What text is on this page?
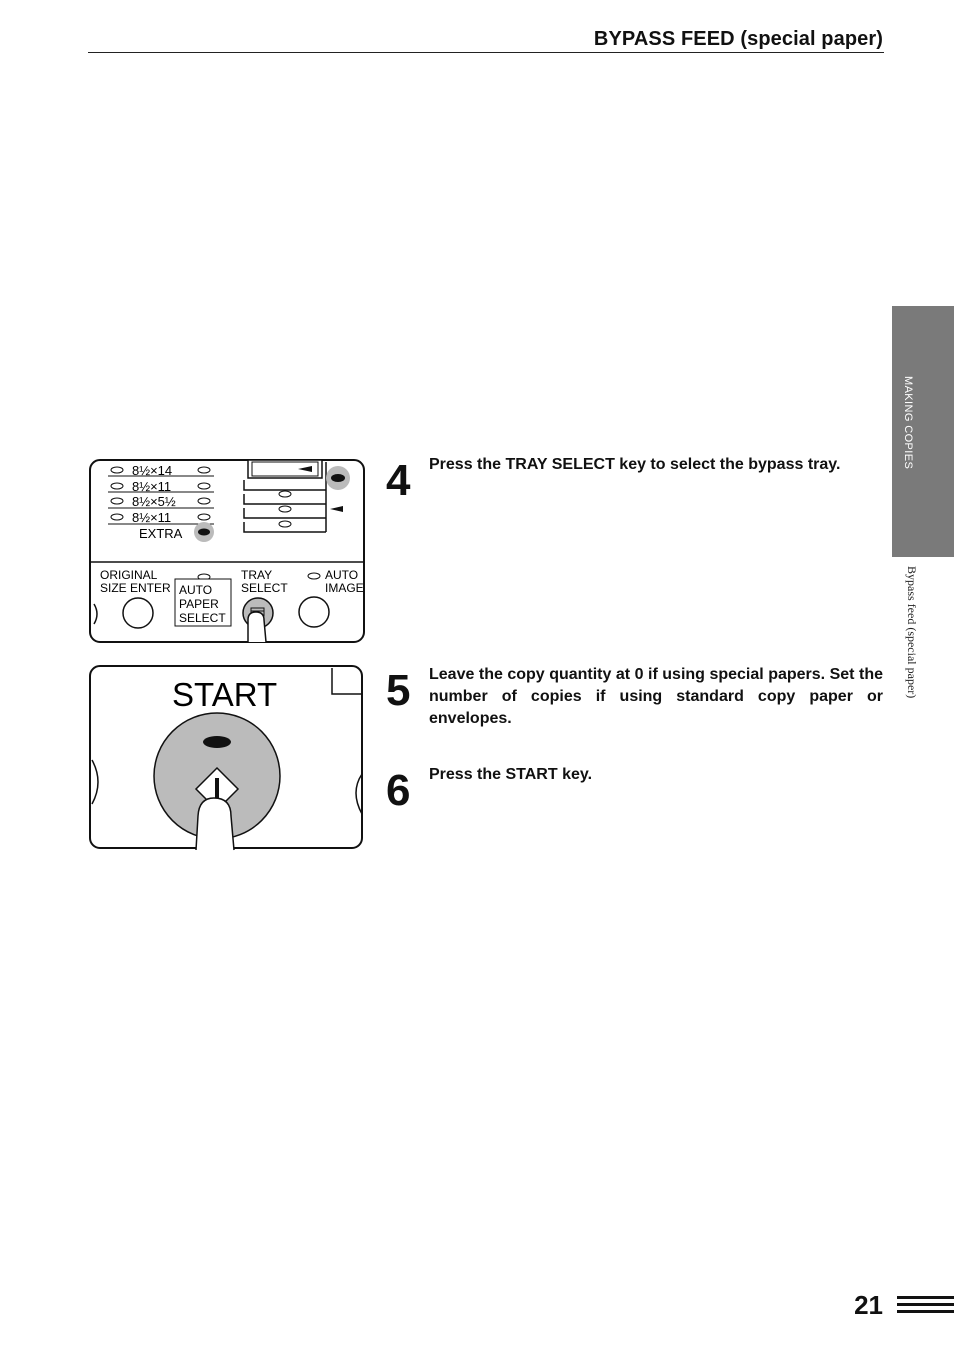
BYPASS FEED (special paper)
MAKING COPIES
Bypass feed (special paper)
8½×14
8½×11
8½×5½
8½×11
EXTRA
ORIGINAL
SIZE ENTER AUTO
PAPER
SELECT
TRAY
SELECT
AUTO
IMAGE
START
4 Press the TRAY SELECT key to select the bypass tray.
5 Leave the copy quantity at 0 if using special papers. Set the number of copies if using standard copy paper or envelopes.
6 Press the START key.
21
